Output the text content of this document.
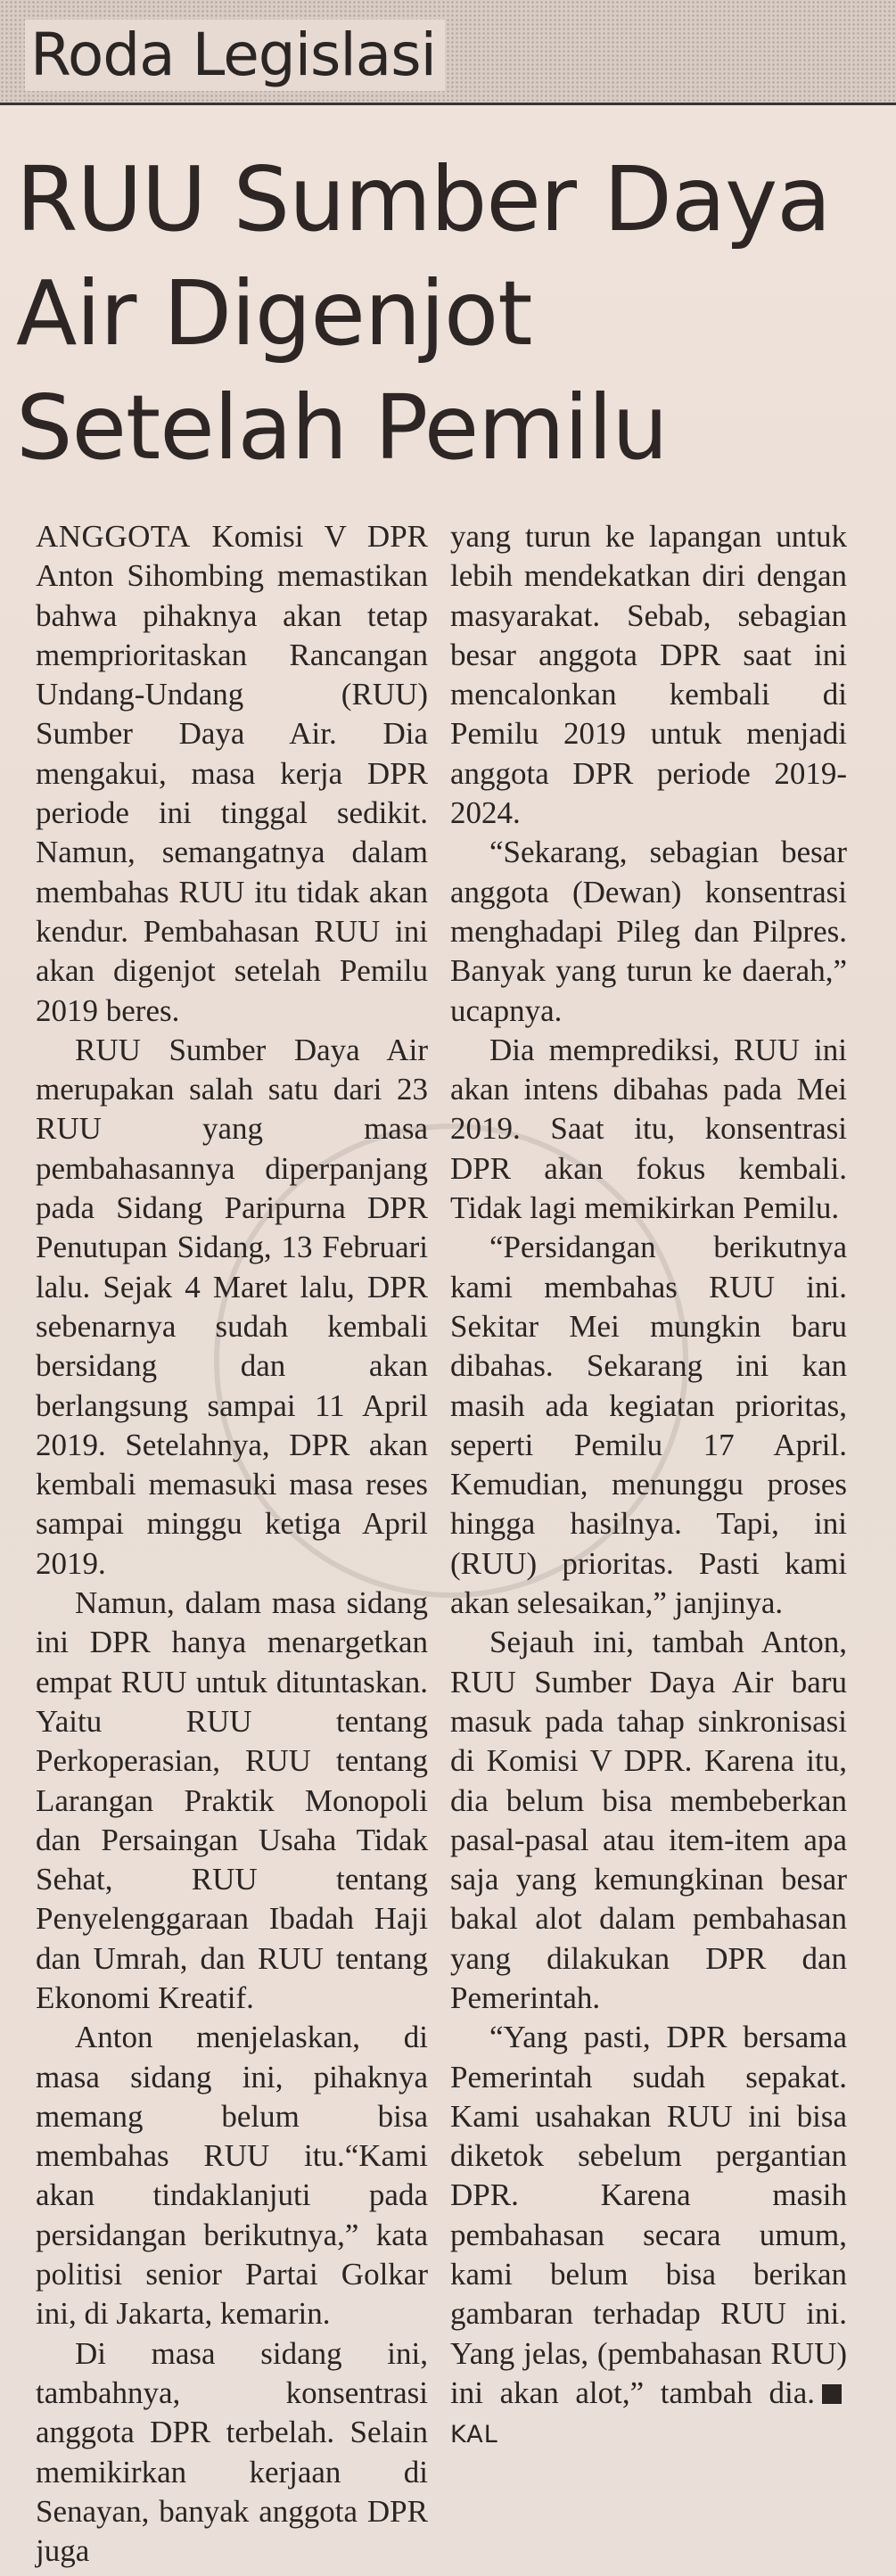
Roda Legislasi
RUU Sumber Daya Air Digenjot Setelah Pemilu

ANGGOTA Komisi V DPR Anton Sihombing memastikan bahwa pihaknya akan tetap memprioritaskan Rancangan Undang-Undang (RUU) Sumber Daya Air. Dia mengakui, masa kerja DPR periode ini tinggal sedikit. Namun, semangatnya dalam membahas RUU itu tidak akan kendur. Pembahasan RUU ini akan digenjot setelah Pemilu 2019 beres.

RUU Sumber Daya Air merupakan salah satu dari 23 RUU yang masa pembahasannya diperpanjang pada Sidang Paripurna DPR Penutupan Sidang, 13 Februari lalu. Sejak 4 Maret lalu, DPR sebenarnya sudah kembali bersidang dan akan berlangsung sampai 11 April 2019. Setelahnya, DPR akan kembali memasuki masa reses sampai minggu ketiga April 2019.

Namun, dalam masa sidang ini DPR hanya menargetkan empat RUU untuk dituntaskan. Yaitu RUU tentang Perkoperasian, RUU tentang Larangan Praktik Monopoli dan Persaingan Usaha Tidak Sehat, RUU tentang Penyelenggaraan Ibadah Haji dan Umrah, dan RUU tentang Ekonomi Kreatif.

Anton menjelaskan, di masa sidang ini, pihaknya memang belum bisa membahas RUU itu.“Kami akan tindaklanjuti pada persidangan berikutnya,” kata politisi senior Partai Golkar ini, di Jakarta, kemarin.

Di masa sidang ini, tambahnya, konsentrasi anggota DPR terbelah. Selain memikirkan kerjaan di Senayan, banyak anggota DPR juga

yang turun ke lapangan untuk lebih mendekatkan diri dengan masyarakat. Sebab, sebagian besar anggota DPR saat ini mencalonkan kembali di Pemilu 2019 untuk menjadi anggota DPR periode 2019-2024.

“Sekarang, sebagian besar anggota (Dewan) konsentrasi menghadapi Pileg dan Pilpres. Banyak yang turun ke daerah,” ucapnya.

Dia memprediksi, RUU ini akan intens dibahas pada Mei 2019. Saat itu, konsentrasi DPR akan fokus kembali. Tidak lagi memikirkan Pemilu.

“Persidangan berikutnya kami membahas RUU ini. Sekitar Mei mungkin baru dibahas. Sekarang ini kan masih ada kegiatan prioritas, seperti Pemilu 17 April. Kemudian, menunggu proses hingga hasilnya. Tapi, ini (RUU) prioritas. Pasti kami akan selesaikan,” janjinya.

Sejauh ini, tambah Anton, RUU Sumber Daya Air baru masuk pada tahap sinkronisasi di Komisi V DPR. Karena itu, dia belum bisa membeberkan pasal-pasal atau item-item apa saja yang kemungkinan besar bakal alot dalam pembahasan yang dilakukan DPR dan Pemerintah.

“Yang pasti, DPR bersama Pemerintah sudah sepakat. Kami usahakan RUU ini bisa diketok sebelum pergantian DPR. Karena masih pembahasan secara umum, kami belum bisa berikan gambaran terhadap RUU ini. Yang jelas, (pembahasan RUU) ini akan alot,” tambah dia.KAL
